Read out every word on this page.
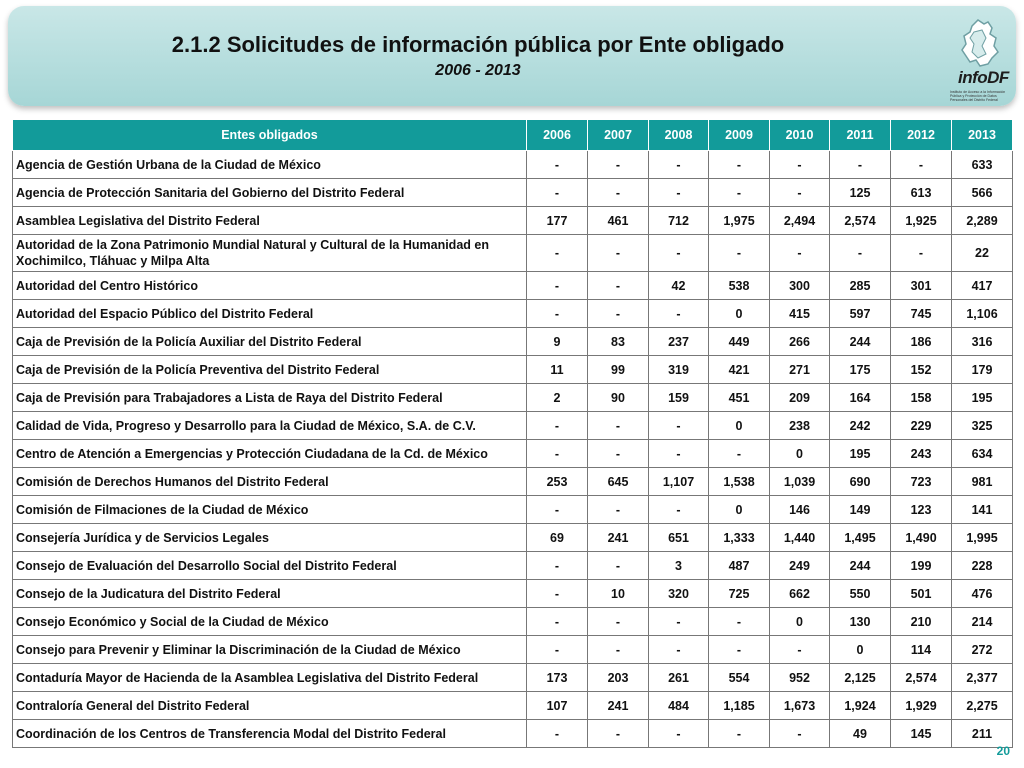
2.1.2 Solicitudes de información pública por Ente obligado
2006 - 2013	infoDF
Instituto de Acceso a la Información Pública y Protección de Datos Personales del Distrito Federal
Entes obligados	2006	2007	2008	2009	2010	2011	2012	2013
Agencia de Gestión Urbana de la Ciudad de México	-	-	-	-	-	-	-	633
Agencia de Protección Sanitaria del Gobierno del Distrito Federal	-	-	-	-	-	125	613	566
Asamblea Legislativa del Distrito Federal	177	461	712	1,975	2,494	2,574	1,925	2,289
Autoridad de la Zona Patrimonio Mundial Natural y Cultural de la Humanidad en Xochimilco, Tláhuac y Milpa Alta	-	-	-	-	-	-	-	22
Autoridad del Centro Histórico	-	-	42	538	300	285	301	417
Autoridad del Espacio Público del Distrito Federal	-	-	-	0	415	597	745	1,106
Caja de Previsión de la Policía Auxiliar del Distrito Federal	9	83	237	449	266	244	186	316
Caja de Previsión de la Policía Preventiva del Distrito Federal	11	99	319	421	271	175	152	179
Caja de Previsión para Trabajadores a Lista de Raya del Distrito Federal	2	90	159	451	209	164	158	195
Calidad de Vida, Progreso y Desarrollo para la Ciudad de México, S.A. de C.V.	-	-	-	0	238	242	229	325
Centro de Atención a Emergencias y Protección Ciudadana de la Cd. de México	-	-	-	-	0	195	243	634
Comisión de Derechos Humanos del Distrito Federal	253	645	1,107	1,538	1,039	690	723	981
Comisión de Filmaciones de la Ciudad de México	-	-	-	0	146	149	123	141
Consejería Jurídica y de Servicios Legales	69	241	651	1,333	1,440	1,495	1,490	1,995
Consejo de Evaluación del Desarrollo Social del Distrito Federal	-	-	3	487	249	244	199	228
Consejo de la Judicatura del Distrito Federal	-	10	320	725	662	550	501	476
Consejo Económico y Social de la Ciudad de México	-	-	-	-	0	130	210	214
Consejo para Prevenir y Eliminar la Discriminación de la Ciudad de México	-	-	-	-	-	0	114	272
Contaduría Mayor de Hacienda de la Asamblea Legislativa del Distrito Federal	173	203	261	554	952	2,125	2,574	2,377
Contraloría General del Distrito Federal	107	241	484	1,185	1,673	1,924	1,929	2,275
Coordinación de los Centros de Transferencia Modal del Distrito Federal	-	-	-	-	-	49	145	211
20
